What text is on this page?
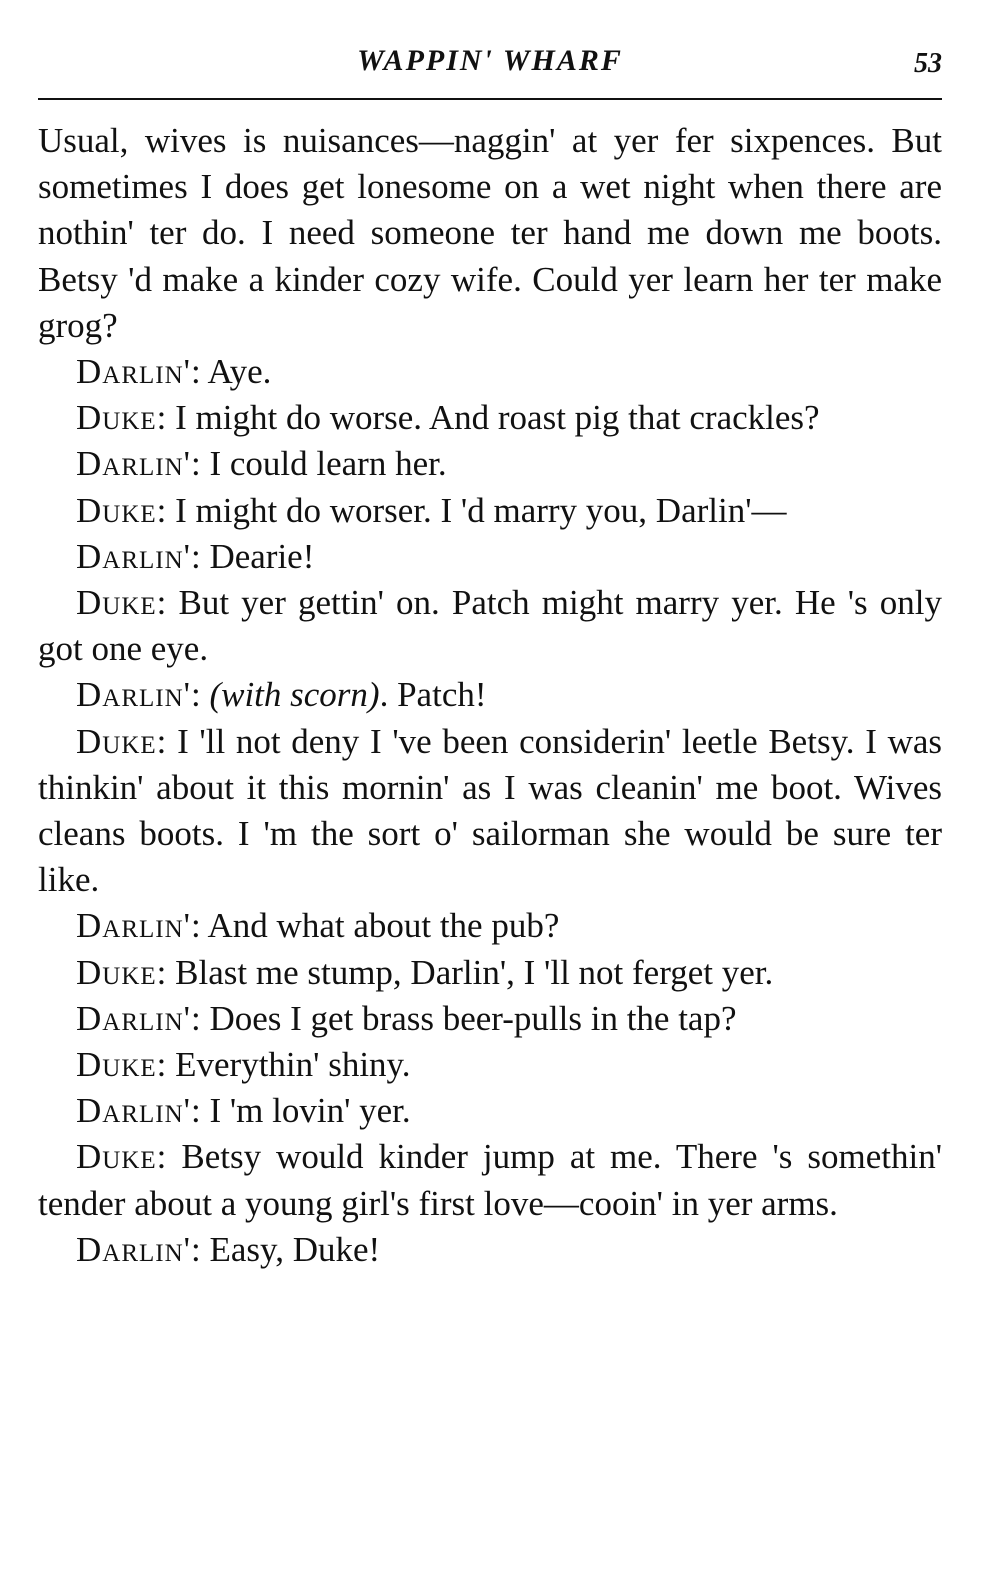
WAPPIN' WHARF	53

Usual, wives is nuisances—naggin' at yer fer sixpences. But sometimes I does get lonesome on a wet night when there are nothin' ter do. I need someone ter hand me down me boots. Betsy 'd make a kinder cozy wife. Could yer learn her ter make grog?

Darlin': Aye.

Duke: I might do worse. And roast pig that crackles?

Darlin': I could learn her.

Duke: I might do worser. I 'd marry you, Darlin'—

Darlin': Dearie!

Duke: But yer gettin' on. Patch might marry yer. He 's only got one eye.

Darlin': (with scorn). Patch!

Duke: I 'll not deny I 've been considerin' leetle Betsy. I was thinkin' about it this mornin' as I was cleanin' me boot. Wives cleans boots. I 'm the sort o' sailorman she would be sure ter like.

Darlin': And what about the pub?

Duke: Blast me stump, Darlin', I 'll not ferget yer.

Darlin': Does I get brass beer-pulls in the tap?

Duke: Everythin' shiny.

Darlin': I 'm lovin' yer.

Duke: Betsy would kinder jump at me. There 's somethin' tender about a young girl's first love—cooin' in yer arms.

Darlin': Easy, Duke!
